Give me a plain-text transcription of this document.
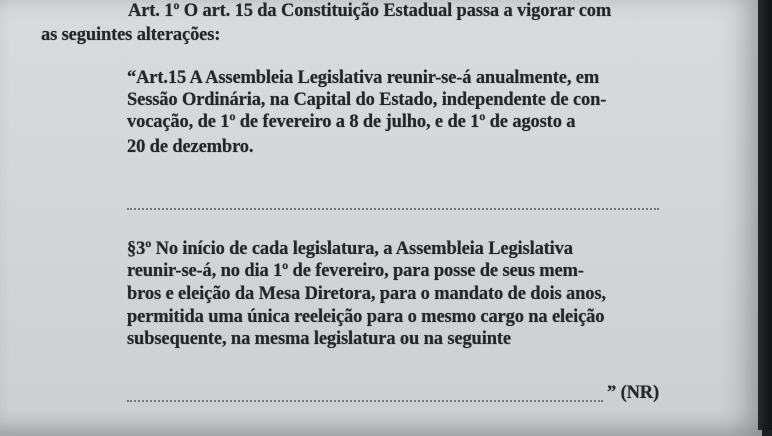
Art. 1º O art. 15 da Constituição Estadual passa a vigorar com
as seguintes alterações:
“Art.15 A Assembleia Legislativa reunir-se-á anualmente, em
Sessão Ordinária, na Capital do Estado, independente de con-
vocação, de 1º de fevereiro a 8 de julho, e de 1º de agosto a
20 de dezembro.
§3º No início de cada legislatura, a Assembleia Legislativa
reunir-se-á, no dia 1º de fevereiro, para posse de seus mem-
bros e eleição da Mesa Diretora, para o mandato de dois anos,
permitida uma única reeleição para o mesmo cargo na eleição
subsequente, na mesma legislatura ou na seguinte
” (NR)
